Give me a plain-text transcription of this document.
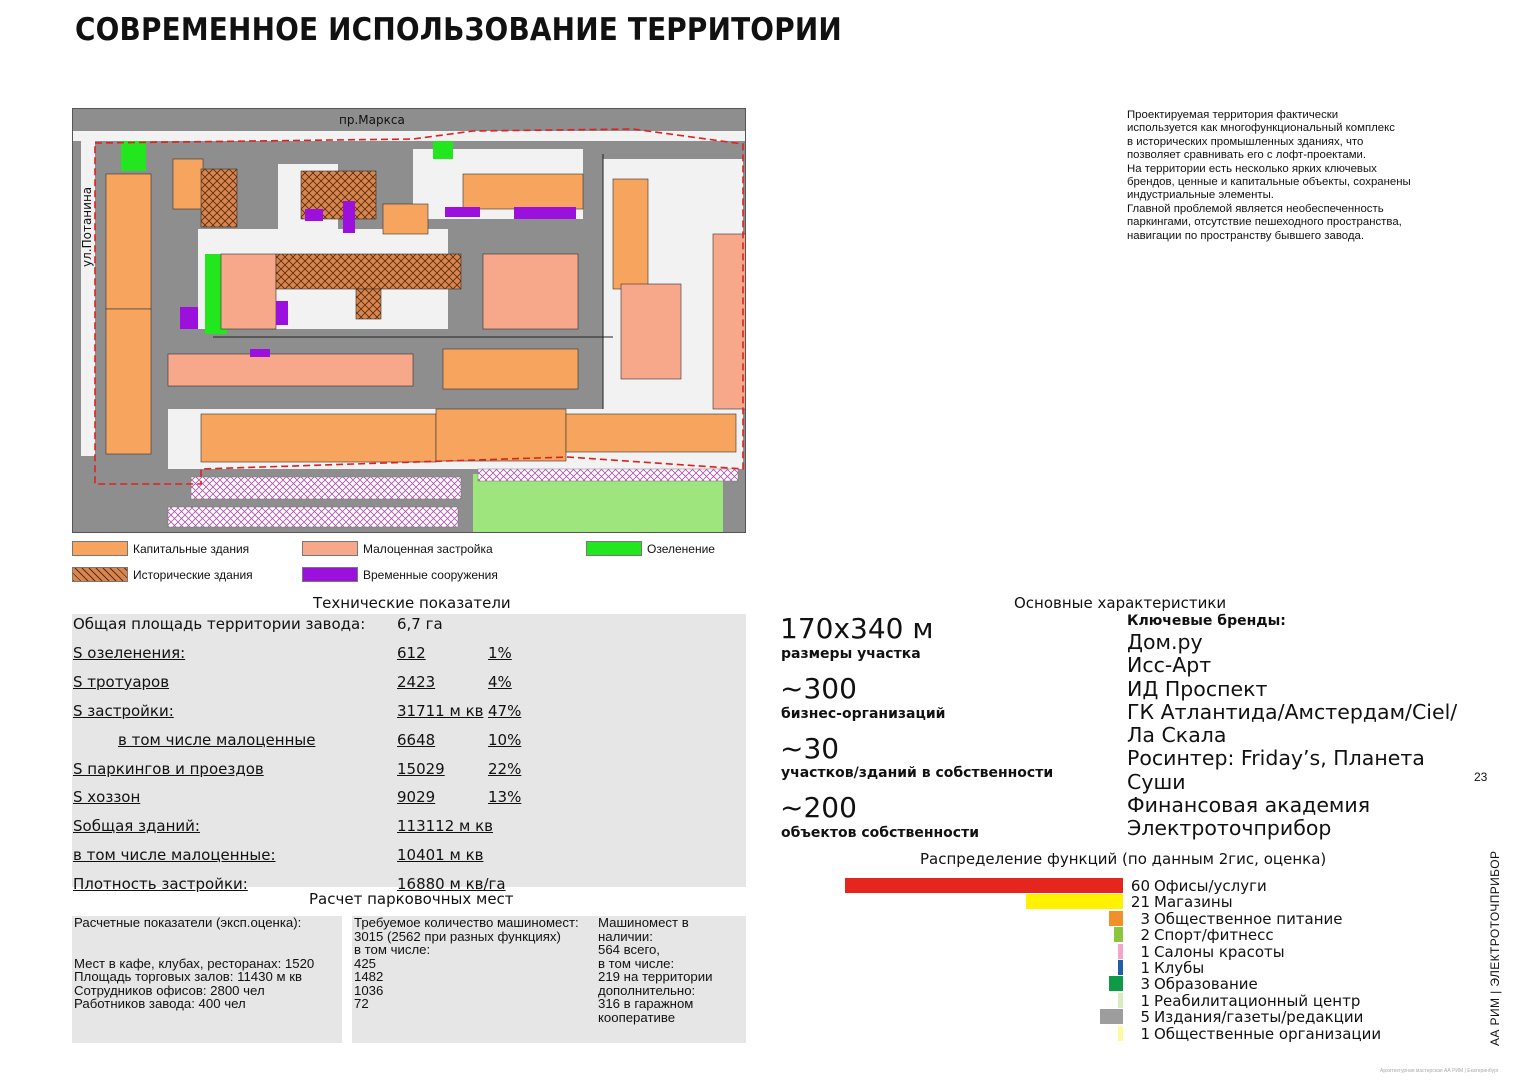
СОВРЕМЕННОЕ ИСПОЛЬЗОВАНИЕ ТЕРРИТОРИИ
пр.Маркса
ул.Потанина
Проектируемая территория фактически
используется как многофункциональный комплекс
в исторических промышленных зданиях, что
позволяет сравнивать его с лофт-проектами.
На территории есть несколько ярких ключевых
брендов, ценные и капитальные объекты, сохранены
индустриальные элементы.
Главной проблемой является необеспеченность
паркингами, отсутствие пешеходного пространства,
навигации по пространству бывшего завода.
Капитальные здания	Малоценная застройка	Озеленение
Исторические здания	Временные сооружения
Технические показатели
Общая площадь территории завода: 6,7 га
S озеленения:	612	1%
S тротуаров	2423	4%
S застройки:	31711 м кв 47%
в том числе малоценные	6648	10%
S паркингов и проездов	15029	22%
S хоззон	9029	13%
Sобщая зданий:	113112 м кв
в том числе малоценные:	10401 м кв
Плотность застройки:	16880 м кв/га
Расчет парковочных мест
Расчетные показатели (эксп.оценка):

Мест в кафе, клубах, ресторанах: 1520
Площадь торговых залов: 11430 м кв
Сотрудников офисов: 2800 чел
Работников завода: 400 чел
Требуемое количество машиномест:
3015 (2562 при разных функциях)
в том числе:
425
1482
1036
72
Машиномест в
наличии:
564 всего,
в том числе:
219 на территории
дополнительно:
316 в гаражном
кооперативе
Основные характеристики
170x340 м
размеры участка
~300
бизнес-организаций
~30
участков/зданий в собственности
~200
объектов собственности
Ключевые бренды:
Дом.ру
Исс-Арт
ИД Проспект
ГК Атлантида/Амстердам/Ciel/
Ла Скала
Росинтер: Friday’s, Планета
Суши
Финансовая академия
Электроточприбор
Распределение функций (по данным 2гис, оценка)
60 Офисы/услуги
21 Магазины
3 Общественное питание
2 Спорт/фитнесс
1 Салоны красоты
1 Клубы
3 Образование
1 Реабилитационный центр
5 Издания/газеты/редакции
1 Общественные организации
23
АА РИМ | ЭЛЕКТРОТОЧПРИБОР
Архитектурная мастерская АА РИМ | Екатеринбург
